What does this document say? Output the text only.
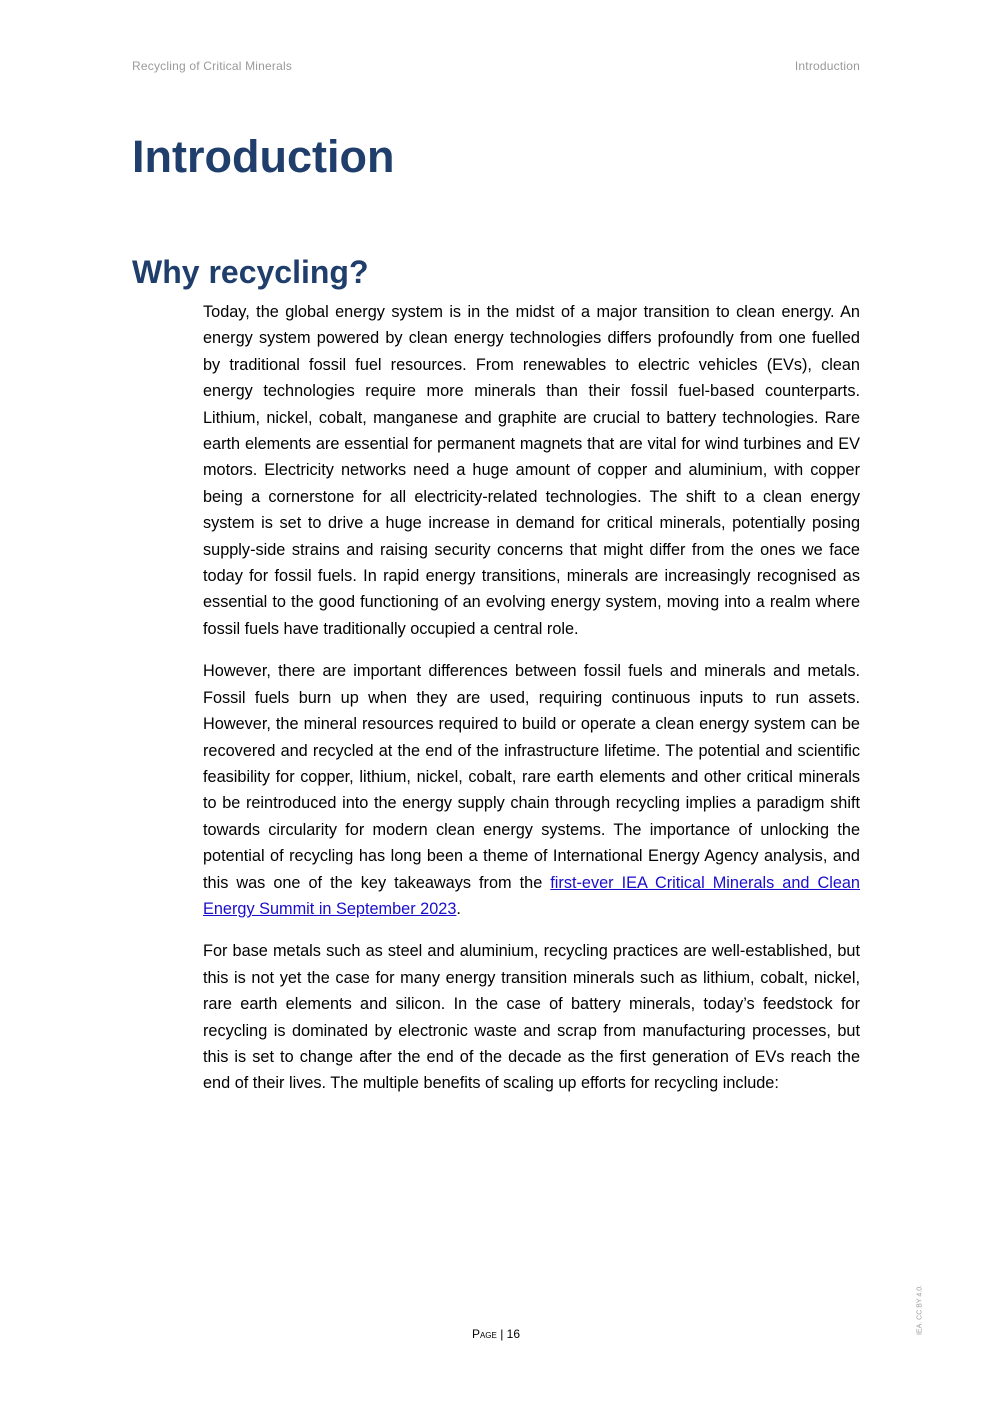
Recycling of Critical Minerals	Introduction
Introduction
Why recycling?

Today, the global energy system is in the midst of a major transition to clean energy. An energy system powered by clean energy technologies differs profoundly from one fuelled by traditional fossil fuel resources. From renewables to electric vehicles (EVs), clean energy technologies require more minerals than their fossil fuel-based counterparts. Lithium, nickel, cobalt, manganese and graphite are crucial to battery technologies. Rare earth elements are essential for permanent magnets that are vital for wind turbines and EV motors. Electricity networks need a huge amount of copper and aluminium, with copper being a cornerstone for all electricity-related technologies. The shift to a clean energy system is set to drive a huge increase in demand for critical minerals, potentially posing supply-side strains and raising security concerns that might differ from the ones we face today for fossil fuels. In rapid energy transitions, minerals are increasingly recognised as essential to the good functioning of an evolving energy system, moving into a realm where fossil fuels have traditionally occupied a central role.

However, there are important differences between fossil fuels and minerals and metals. Fossil fuels burn up when they are used, requiring continuous inputs to run assets. However, the mineral resources required to build or operate a clean energy system can be recovered and recycled at the end of the infrastructure lifetime. The potential and scientific feasibility for copper, lithium, nickel, cobalt, rare earth elements and other critical minerals to be reintroduced into the energy supply chain through recycling implies a paradigm shift towards circularity for modern clean energy systems. The importance of unlocking the potential of recycling has long been a theme of International Energy Agency analysis, and this was one of the key takeaways from the first-ever IEA Critical Minerals and Clean Energy Summit in September 2023.

For base metals such as steel and aluminium, recycling practices are well-established, but this is not yet the case for many energy transition minerals such as lithium, cobalt, nickel, rare earth elements and silicon. In the case of battery minerals, today’s feedstock for recycling is dominated by electronic waste and scrap from manufacturing processes, but this is set to change after the end of the decade as the first generation of EVs reach the end of their lives. The multiple benefits of scaling up efforts for recycling include:

Page | 16	IEA. CC BY 4.0.
